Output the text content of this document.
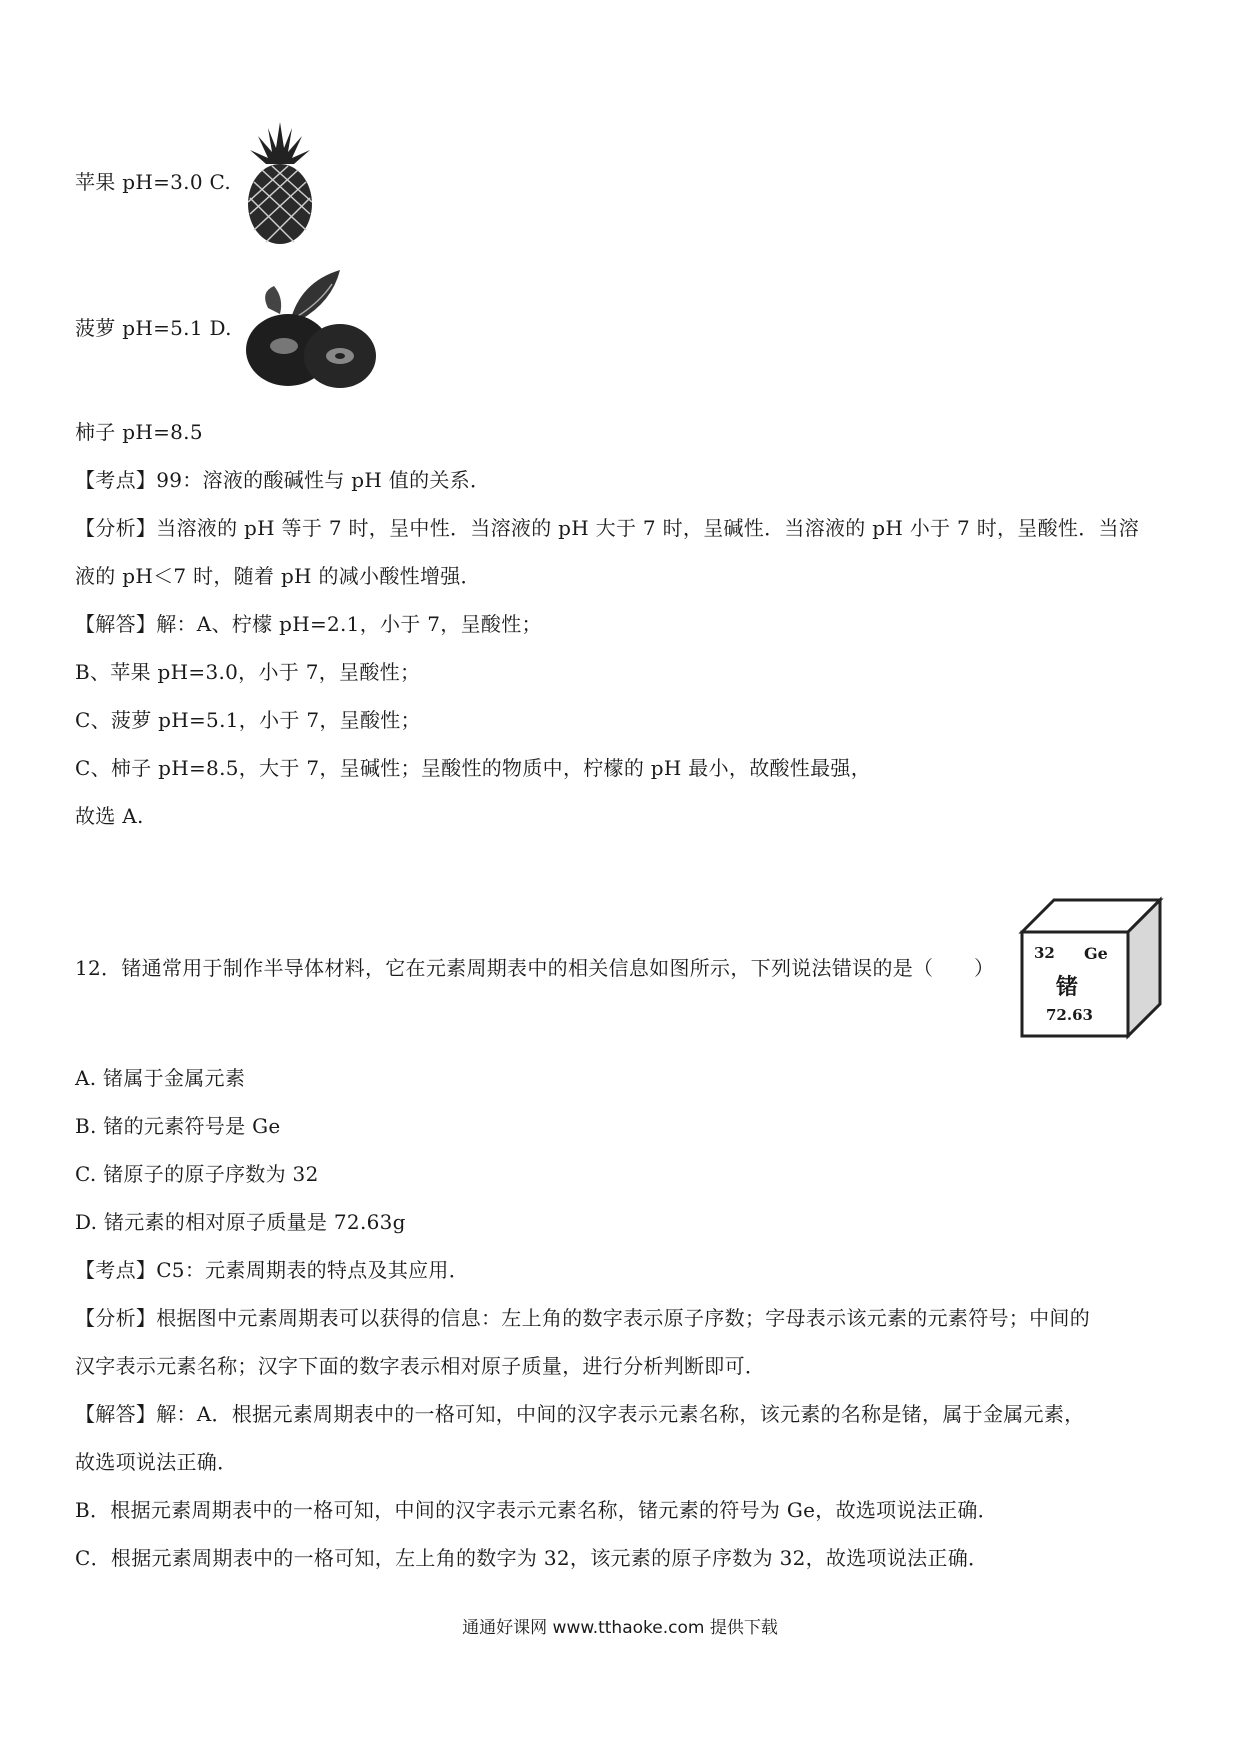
苹果 pH=3.0 C.
菠萝 pH=5.1 D.
柿子 pH=8.5
【考点】99：溶液的酸碱性与 pH 值的关系．
【分析】当溶液的 pH 等于 7 时，呈中性．当溶液的 pH 大于 7 时，呈碱性．当溶液的 pH 小于 7 时，呈酸性．当溶
液的 pH＜7 时，随着 pH 的减小酸性增强．
【解答】解：A、柠檬 pH=2.1，小于 7，呈酸性；
B、苹果 pH=3.0，小于 7，呈酸性；
C、菠萝 pH=5.1，小于 7，呈酸性；
C、柿子 pH=8.5，大于 7，呈碱性；呈酸性的物质中，柠檬的 pH 最小，故酸性最强，
故选 A.
12．锗通常用于制作半导体材料，它在元素周期表中的相关信息如图所示，下列说法错误的是（　　）
32 Ge
锗
72.63
A. 锗属于金属元素
B. 锗的元素符号是 Ge
C. 锗原子的原子序数为 32
D. 锗元素的相对原子质量是 72.63g
【考点】C5：元素周期表的特点及其应用．
【分析】根据图中元素周期表可以获得的信息：左上角的数字表示原子序数；字母表示该元素的元素符号；中间的
汉字表示元素名称；汉字下面的数字表示相对原子质量，进行分析判断即可．
【解答】解：A．根据元素周期表中的一格可知，中间的汉字表示元素名称，该元素的名称是锗，属于金属元素，
故选项说法正确．
B．根据元素周期表中的一格可知，中间的汉字表示元素名称，锗元素的符号为 Ge，故选项说法正确．
C．根据元素周期表中的一格可知，左上角的数字为 32，该元素的原子序数为 32，故选项说法正确．
通通好课网 www.tthaoke.com 提供下载
